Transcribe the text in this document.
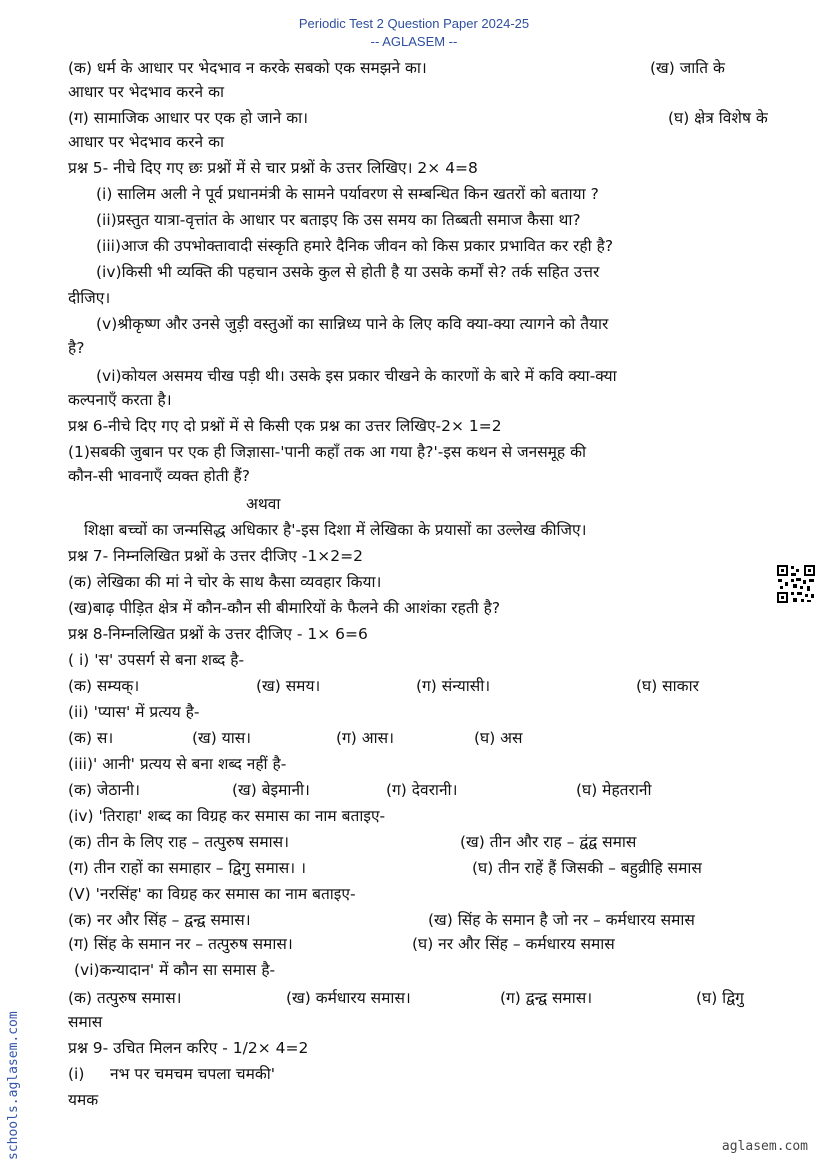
Periodic Test 2 Question Paper 2024-25
-- AGLASEM --
(क) धर्म के आधार पर भेदभाव न करके सबको एक समझने का।	(ख) जाति के
आधार पर भेदभाव करने का
(ग) सामाजिक आधार पर एक हो जाने का।	(घ) क्षेत्र विशेष के
आधार पर भेदभाव करने का
प्रश्न 5- नीचे दिए गए छः प्रश्नों में से चार प्रश्नों के उत्तर लिखिए। 2× 4=8
(i) सालिम अली ने पूर्व प्रधानमंत्री के सामने पर्यावरण से सम्बन्धित किन खतरों को बताया ?
(ii)प्रस्तुत यात्रा-वृत्तांत के आधार पर बताइए कि उस समय का तिब्बती समाज कैसा था?
(iii)आज की उपभोक्तावादी संस्कृति हमारे दैनिक जीवन को किस प्रकार प्रभावित कर रही है?
(iv)किसी भी व्यक्ति की पहचान उसके कुल से होती है या उसके कर्मों से? तर्क सहित उत्तर
दीजिए।
(v)श्रीकृष्ण और उनसे जुड़ी वस्तुओं का सान्निध्य पाने के लिए कवि क्या-क्या त्यागने को तैयार
है?
(vi)कोयल असमय चीख पड़ी थी। उसके इस प्रकार चीखने के कारणों के बारे में कवि क्या-क्या
कल्पनाएँ करता है।
प्रश्न 6-नीचे दिए गए दो प्रश्नों में से किसी एक प्रश्न का उत्तर लिखिए-2× 1=2
(1)सबकी जुबान पर एक ही जिज्ञासा-'पानी कहाँ तक आ गया है?'-इस कथन से जनसमूह की
कौन-सी भावनाएँ व्यक्त होती हैं?
अथवा
शिक्षा बच्चों का जन्मसिद्ध अधिकार है'-इस दिशा में लेखिका के प्रयासों का उल्लेख कीजिए।
प्रश्न 7- निम्नलिखित प्रश्नों के उत्तर दीजिए -1×2=2
(क) लेखिका की मां ने चोर के साथ कैसा व्यवहार किया।
(ख)बाढ़ पीड़ित क्षेत्र में कौन-कौन सी बीमारियों के फैलने की आशंका रहती है?
प्रश्न 8-निम्नलिखित प्रश्नों के उत्तर दीजिए - 1× 6=6
( i) 'स' उपसर्ग से बना शब्द है-
(क) सम्यक्।	(ख) समय।	(ग) संन्यासी।	(घ) साकार
(ii) 'प्यास' में प्रत्यय है-
(क) स।	(ख) यास।	(ग) आस।	(घ) अस
(iii)' आनी' प्रत्यय से बना शब्द नहीं है-
(क) जेठानी।	(ख) बेइमानी।	(ग) देवरानी।	(घ) मेहतरानी
(iv) 'तिराहा' शब्द का विग्रह कर समास का नाम बताइए-
(क) तीन के लिए राह – तत्पुरुष समास।	(ख) तीन और राह – द्वंद्व समास
(ग) तीन राहों का समाहार – द्विगु समास। ।	(घ) तीन राहें हैं जिसकी – बहुव्रीहि समास
(V) 'नरसिंह' का विग्रह कर समास का नाम बताइए-
(क) नर और सिंह – द्वन्द्व समास।	(ख) सिंह के समान है जो नर – कर्मधारय समास
(ग) सिंह के समान नर – तत्पुरुष समास।	(घ) नर और सिंह – कर्मधारय समास
(vi)कन्यादान' में कौन सा समास है-
(क) तत्पुरुष समास।	(ख) कर्मधारय समास।	(ग) द्वन्द्व समास।	(घ) द्विगु
समास
प्रश्न 9- उचित मिलन करिए - 1/2× 4=2
(i) नभ पर चमचम चपला चमकी'
यमक
schools.aglasem.com	aglasem.com
